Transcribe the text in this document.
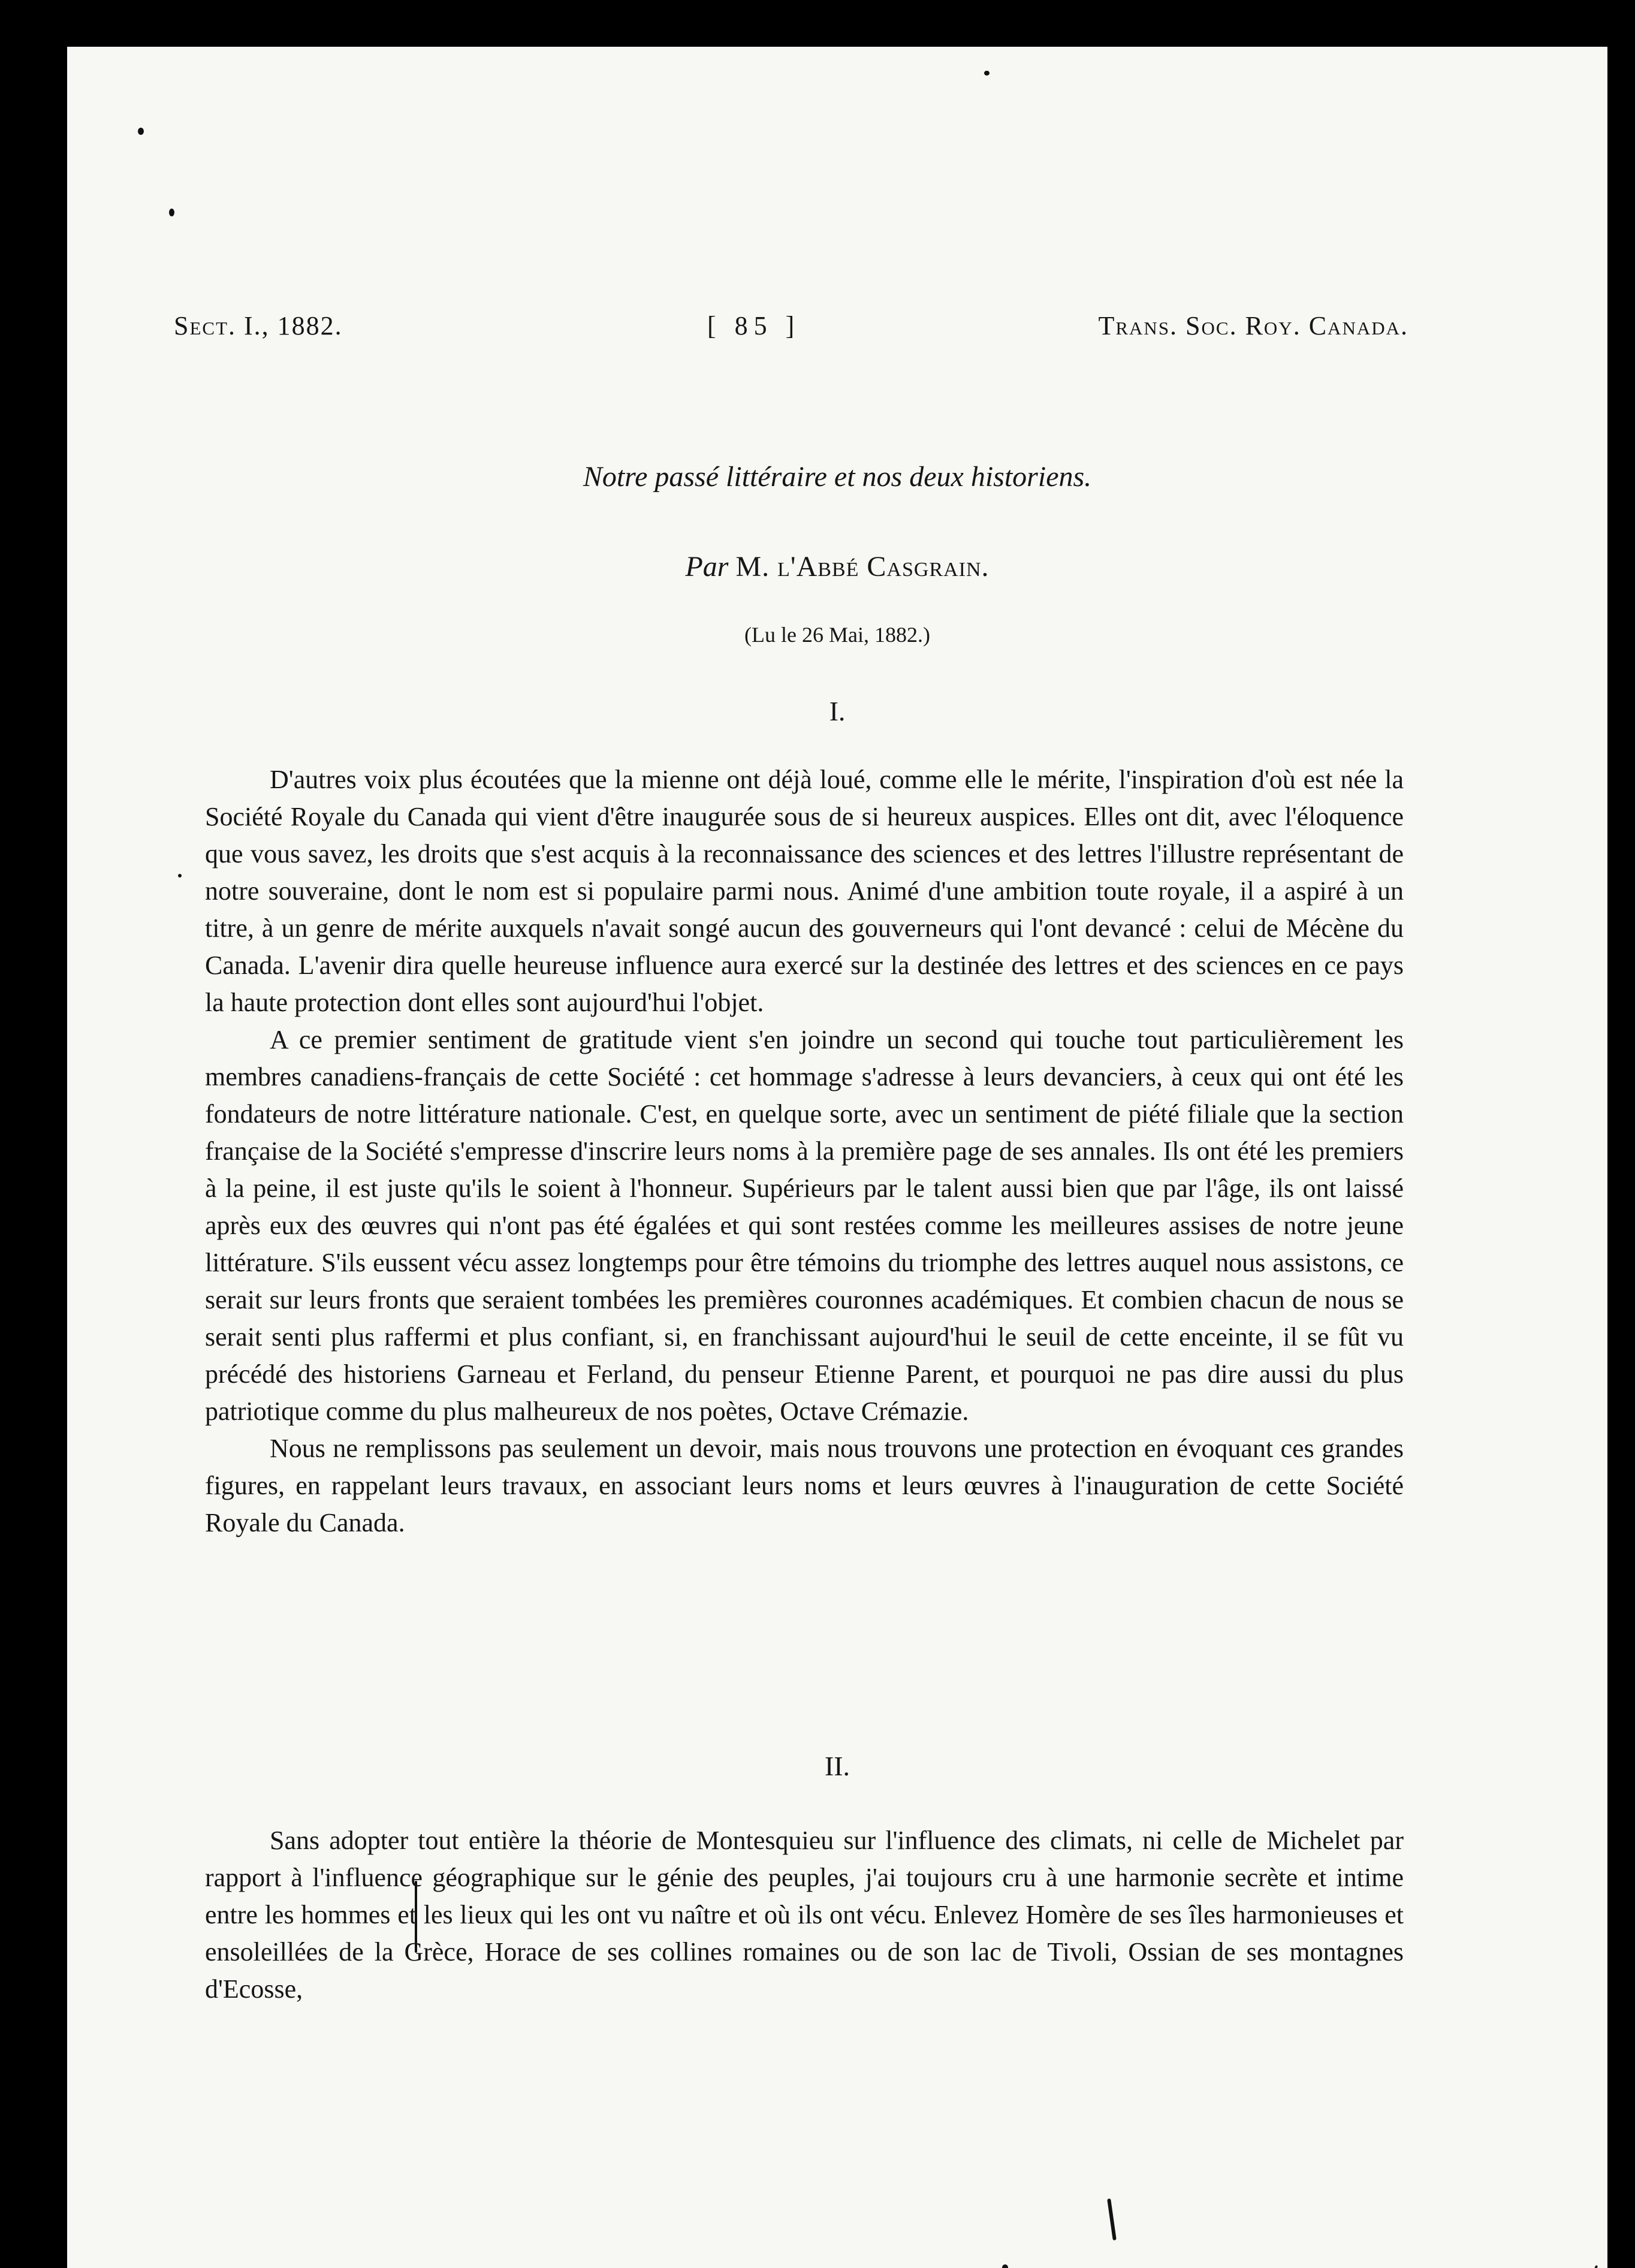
Sect. I., 1882.	[ 85 ]	Trans. Soc. Roy. Canada.
Notre passé littéraire et nos deux historiens.
Par M. l'Abbé Casgrain.
(Lu le 26 Mai, 1882.)
I.

D'autres voix plus écoutées que la mienne ont déjà loué, comme elle le mérite, l'inspiration d'où est née la Société Royale du Canada qui vient d'être inaugurée sous de si heureux auspices. Elles ont dit, avec l'éloquence que vous savez, les droits que s'est acquis à la reconnaissance des sciences et des lettres l'illustre représentant de notre souveraine, dont le nom est si populaire parmi nous. Animé d'une ambition toute royale, il a aspiré à un titre, à un genre de mérite auxquels n'avait songé aucun des gouverneurs qui l'ont devancé : celui de Mécène du Canada. L'avenir dira quelle heureuse influence aura exercé sur la destinée des lettres et des sciences en ce pays la haute protection dont elles sont aujourd'hui l'objet.

A ce premier sentiment de gratitude vient s'en joindre un second qui touche tout particulièrement les membres canadiens-français de cette Société : cet hommage s'adresse à leurs devanciers, à ceux qui ont été les fondateurs de notre littérature nationale. C'est, en quelque sorte, avec un sentiment de piété filiale que la section française de la Société s'empresse d'inscrire leurs noms à la première page de ses annales. Ils ont été les premiers à la peine, il est juste qu'ils le soient à l'honneur. Supérieurs par le talent aussi bien que par l'âge, ils ont laissé après eux des œuvres qui n'ont pas été égalées et qui sont restées comme les meilleures assises de notre jeune littérature. S'ils eussent vécu assez longtemps pour être témoins du triomphe des lettres auquel nous assistons, ce serait sur leurs fronts que seraient tombées les premières couronnes académiques. Et combien chacun de nous se serait senti plus raffermi et plus confiant, si, en franchissant aujourd'hui le seuil de cette enceinte, il se fût vu précédé des historiens Garneau et Ferland, du penseur Etienne Parent, et pourquoi ne pas dire aussi du plus patriotique comme du plus malheureux de nos poètes, Octave Crémazie.

Nous ne remplissons pas seulement un devoir, mais nous trouvons une protection en évoquant ces grandes figures, en rappelant leurs travaux, en associant leurs noms et leurs œuvres à l'inauguration de cette Société Royale du Canada.

II.

Sans adopter tout entière la théorie de Montesquieu sur l'influence des climats, ni celle de Michelet par rapport à l'influence géographique sur le génie des peuples, j'ai toujours cru à une harmonie secrète et intime entre les hommes et les lieux qui les ont vu naître et où ils ont vécu. Enlevez Homère de ses îles harmonieuses et ensoleillées de la Grèce, Horace de ses collines romaines ou de son lac de Tivoli, Ossian de ses montagnes d'Ecosse,
